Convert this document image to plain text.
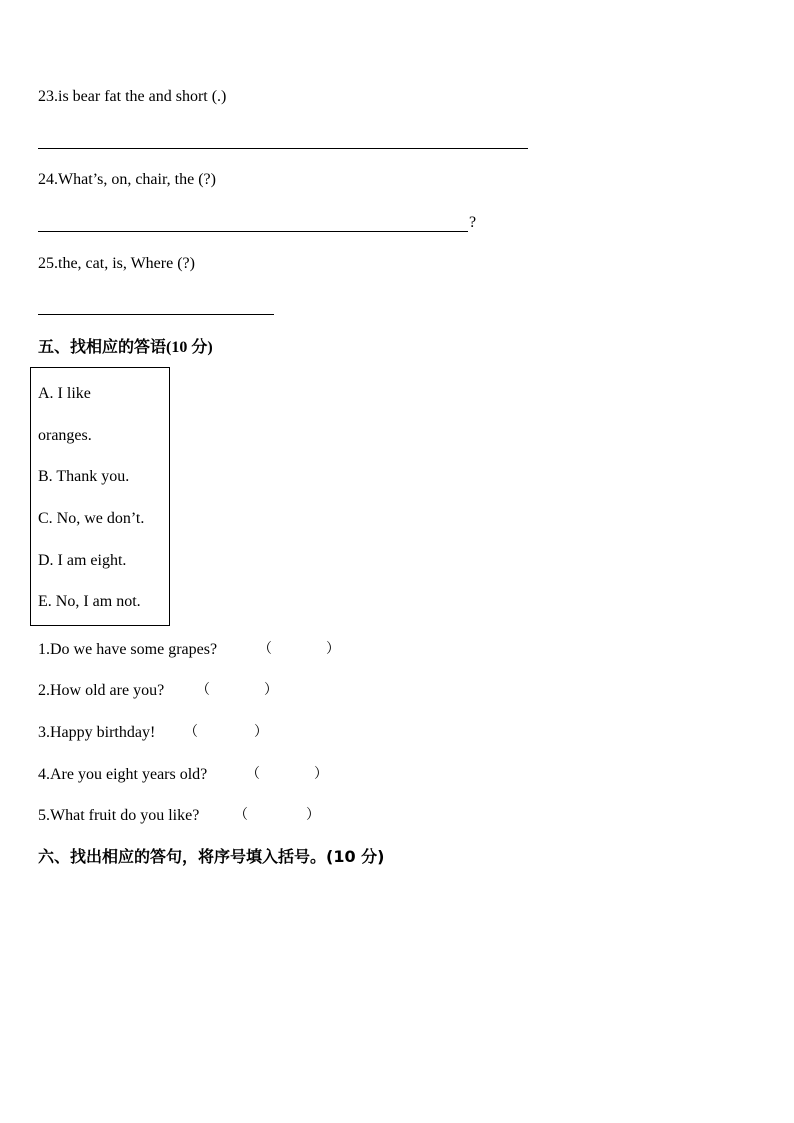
23.is bear fat the and short (.)
24.What’s, on, chair, the (?)
?
25.the, cat, is, Where (?)
五、找相应的答语(10 分)
A. I like
oranges.
B. Thank you.
C. No, we don’t.
D. I am eight.
E. No, I am not.
1.Do we have some grapes?	（	）
2.How old are you? （	）
3.Happy birthday! （	）
4.Are you eight years old?	（	）
5.What fruit do you like? （	）
六、找出相应的答句，将序号填入括号。(10 分)
